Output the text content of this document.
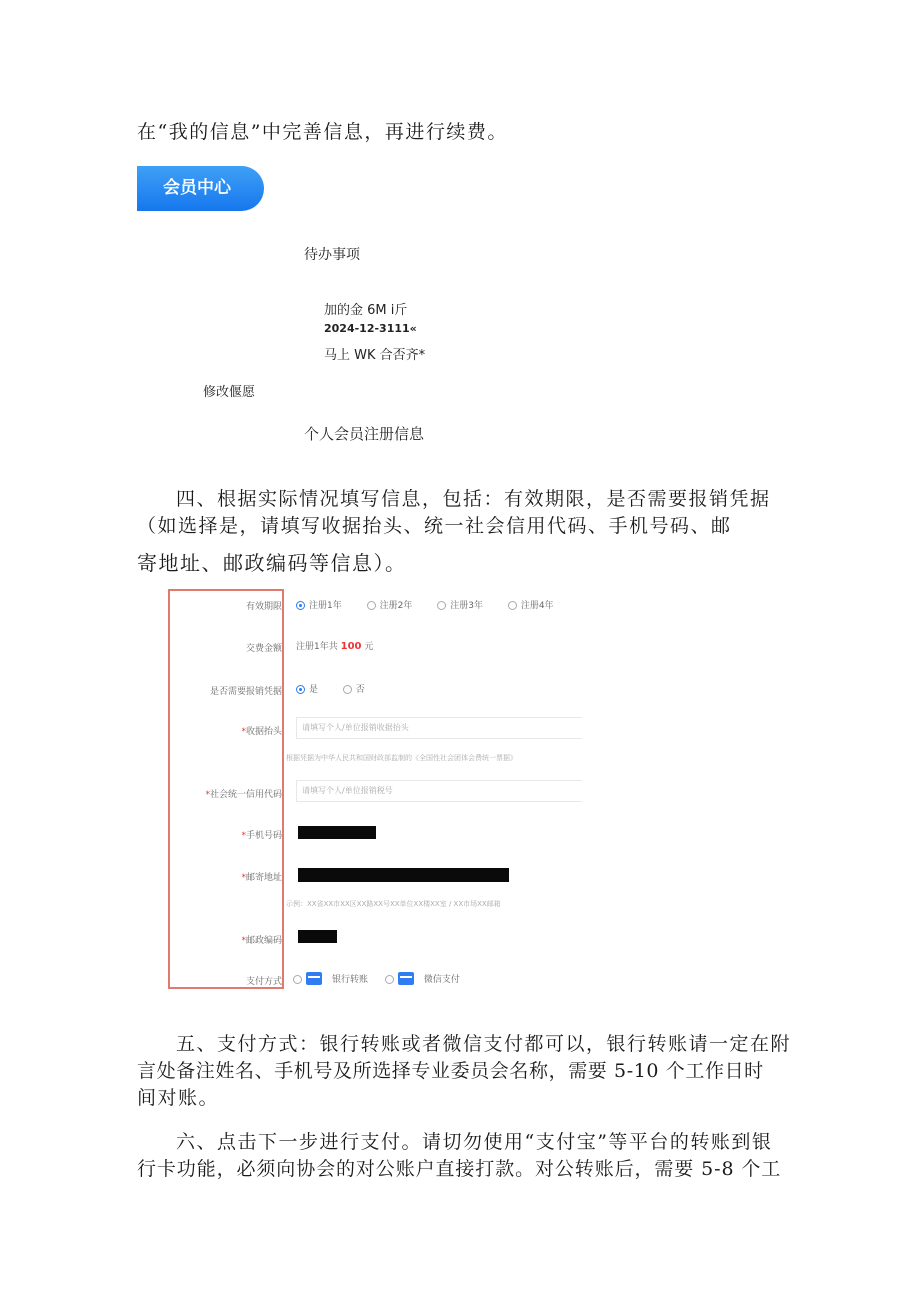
在“我的信息”中完善信息，再进行续费。
会员中心
待办事项
加的金 6M ⅰ斤
2024-12-3111«
马上 WK 合否齐*
修改偃愿
个人会员注册信息
四、根据实际情况填写信息，包括：有效期限，是否需要报销凭据
（如选择是，请填写收据抬头、统一社会信用代码、手机号码、邮
寄地址、邮政编码等信息）。
有效期限	注册1年	注册2年	注册3年	注册4年
交费金额 注册1年共 100 元
是否需要报销凭据	是	否
*收据抬头	请填写个人/单位报销收据抬头
根据凭据为中华人民共和国财政部监制的《全国性社会团体会费统一票据》
*社会统一信用代码	请填写个人/单位报销税号
*手机号码
*邮寄地址
示例：XX省XX市XX区XX路XX号XX单位XX楼XX室 / XX市场XX邮箱
*邮政编码
支付方式	银行转账	微信支付
五、支付方式：银行转账或者微信支付都可以，银行转账请一定在附
言处备注姓名、手机号及所选择专业委员会名称，需要 5-10 个工作日时
间对账。
六、点击下一步进行支付。请切勿使用“支付宝”等平台的转账到银
行卡功能，必须向协会的对公账户直接打款。对公转账后，需要 5-8 个工
